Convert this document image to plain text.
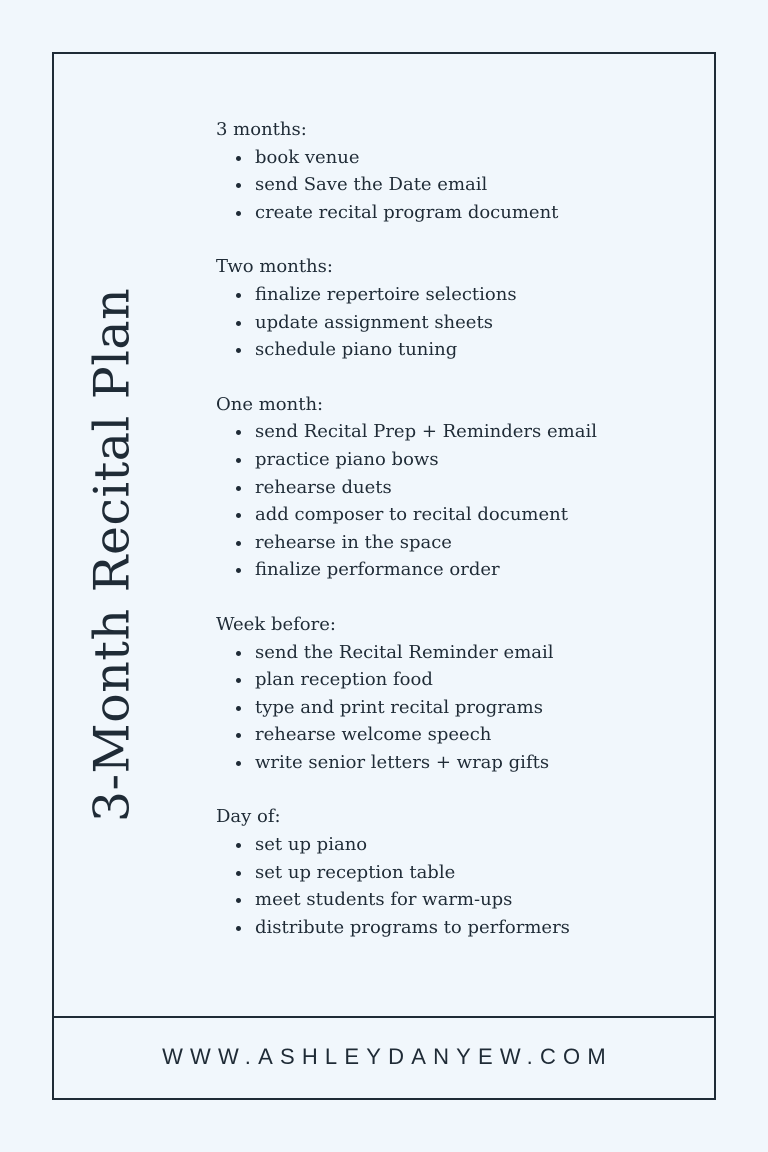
3-Month Recital Plan
3 months:
book venue
send Save the Date email
create recital program document
Two months:
finalize repertoire selections
update assignment sheets
schedule piano tuning
One month:
send Recital Prep + Reminders email
practice piano bows
rehearse duets
add composer to recital document
rehearse in the space
finalize performance order
Week before:
send the Recital Reminder email
plan reception food
type and print recital programs
rehearse welcome speech
write senior letters + wrap gifts
Day of:
set up piano
set up reception table
meet students for warm-ups
distribute programs to performers
WWW.ASHLEYDANYEW.COM
